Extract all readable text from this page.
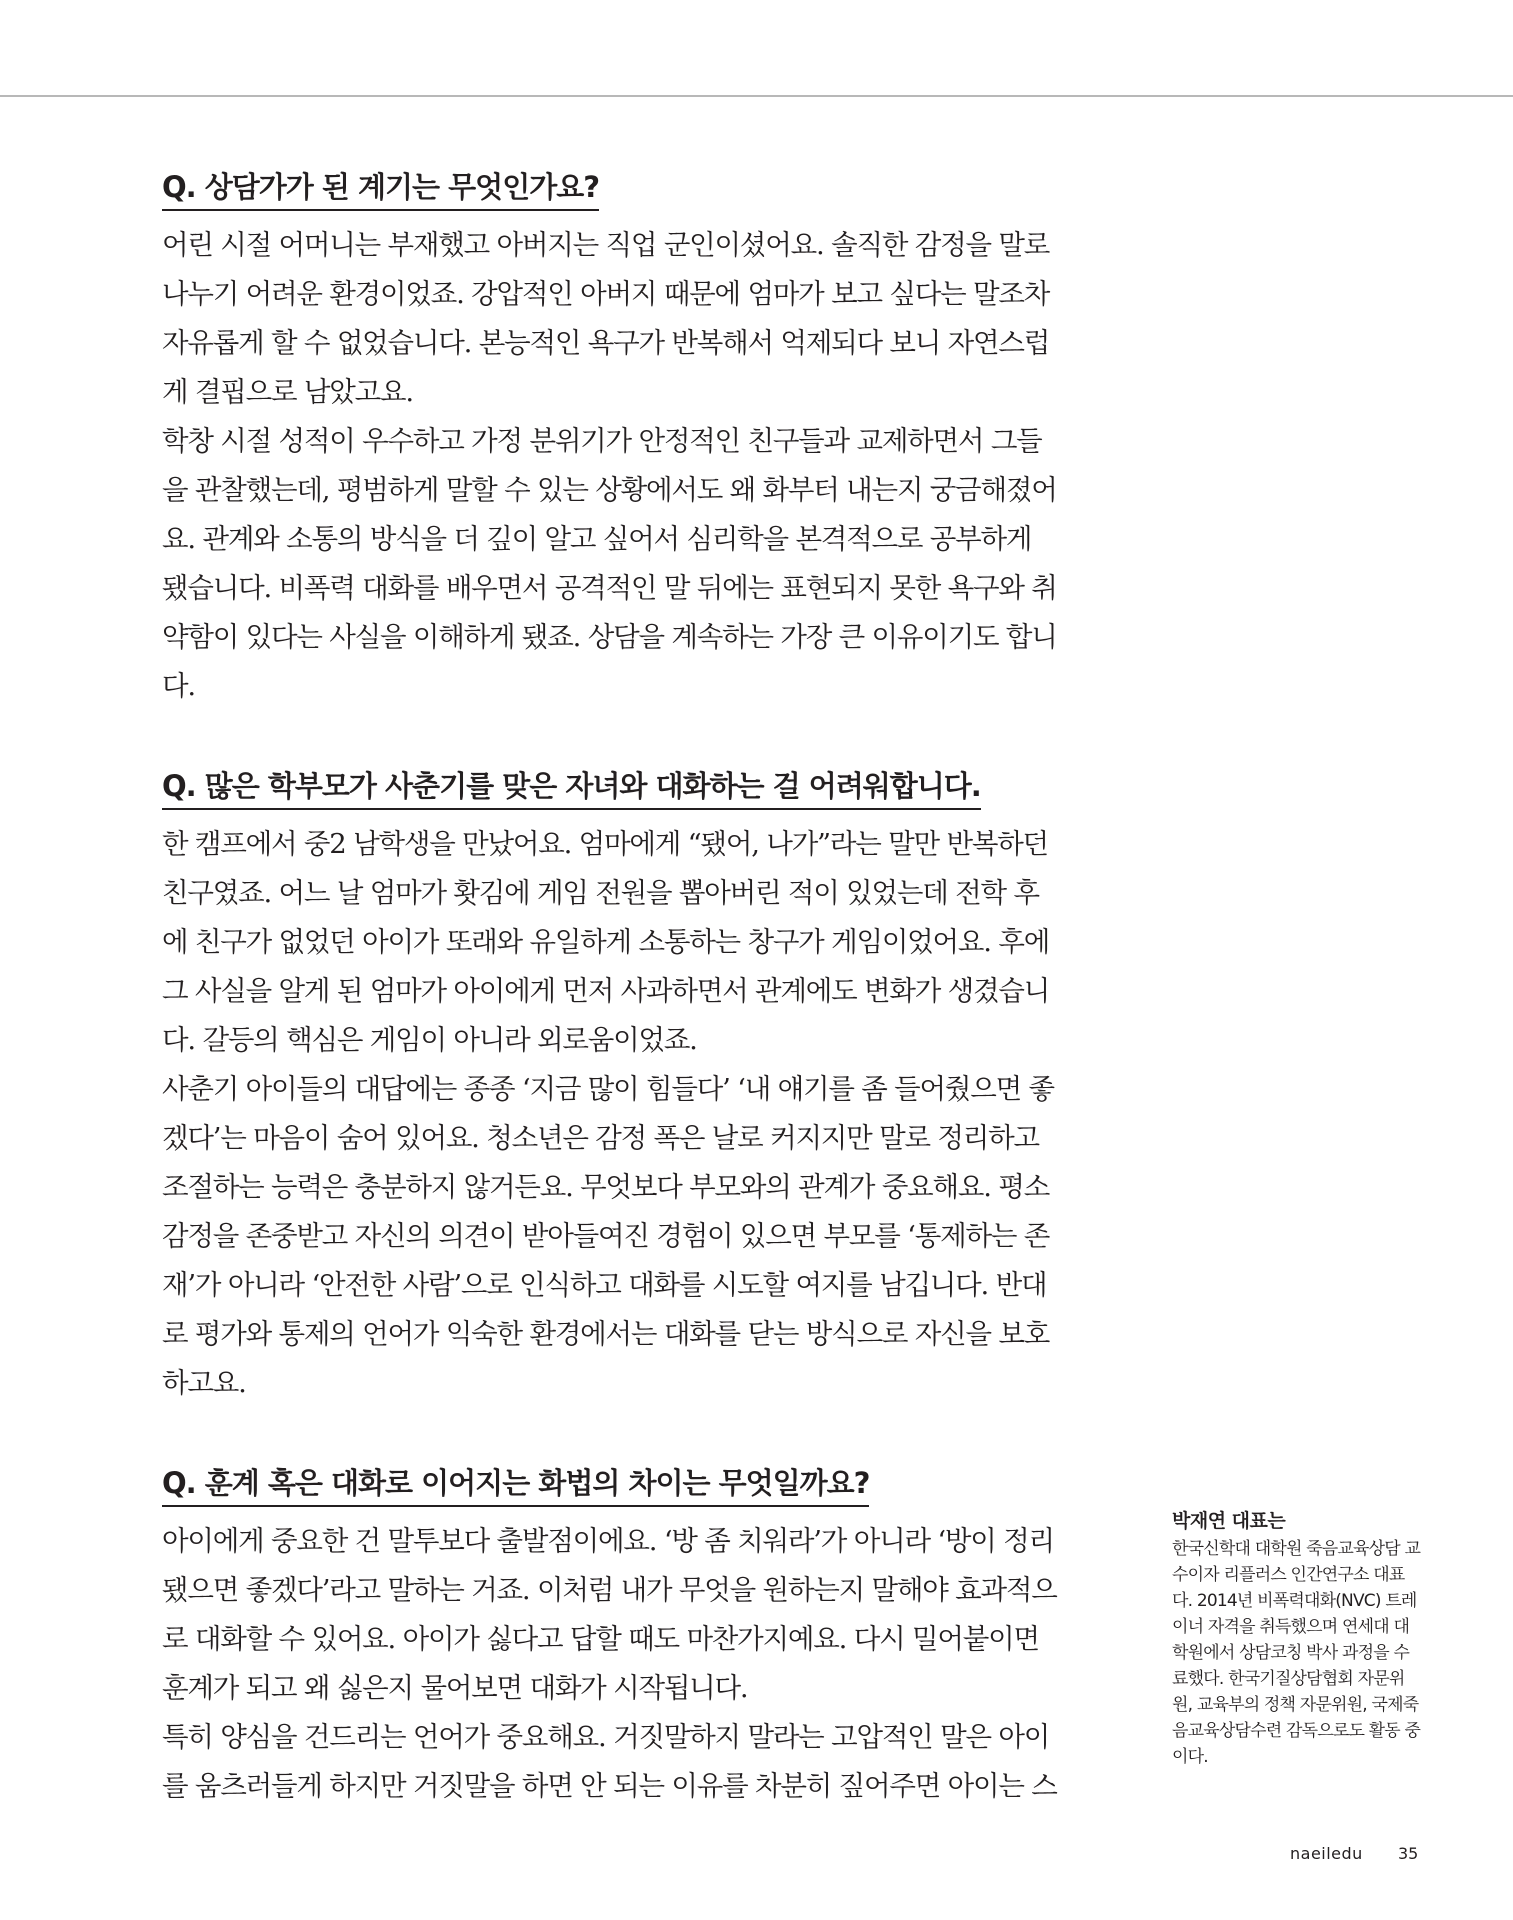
Q. 상담가가 된 계기는 무엇인가요?

어린 시절 어머니는 부재했고 아버지는 직업 군인이셨어요. 솔직한 감정을 말로 나누기 어려운 환경이었죠. 강압적인 아버지 때문에 엄마가 보고 싶다는 말조차 자유롭게 할 수 없었습니다. 본능적인 욕구가 반복해서 억제되다 보니 자연스럽게 결핍으로 남았고요.

학창 시절 성적이 우수하고 가정 분위기가 안정적인 친구들과 교제하면서 그들을 관찰했는데, 평범하게 말할 수 있는 상황에서도 왜 화부터 내는지 궁금해졌어요. 관계와 소통의 방식을 더 깊이 알고 싶어서 심리학을 본격적으로 공부하게 됐습니다. 비폭력 대화를 배우면서 공격적인 말 뒤에는 표현되지 못한 욕구와 취약함이 있다는 사실을 이해하게 됐죠. 상담을 계속하는 가장 큰 이유이기도 합니다.

Q. 많은 학부모가 사춘기를 맞은 자녀와 대화하는 걸 어려워합니다.

한 캠프에서 중2 남학생을 만났어요. 엄마에게 “됐어, 나가”라는 말만 반복하던 친구였죠. 어느 날 엄마가 홧김에 게임 전원을 뽑아버린 적이 있었는데 전학 후에 친구가 없었던 아이가 또래와 유일하게 소통하는 창구가 게임이었어요. 후에 그 사실을 알게 된 엄마가 아이에게 먼저 사과하면서 관계에도 변화가 생겼습니다. 갈등의 핵심은 게임이 아니라 외로움이었죠.

사춘기 아이들의 대답에는 종종 ‘지금 많이 힘들다’ ‘내 얘기를 좀 들어줬으면 좋겠다’는 마음이 숨어 있어요. 청소년은 감정 폭은 날로 커지지만 말로 정리하고 조절하는 능력은 충분하지 않거든요. 무엇보다 부모와의 관계가 중요해요. 평소 감정을 존중받고 자신의 의견이 받아들여진 경험이 있으면 부모를 ‘통제하는 존재’가 아니라 ‘안전한 사람’으로 인식하고 대화를 시도할 여지를 남깁니다. 반대로 평가와 통제의 언어가 익숙한 환경에서는 대화를 닫는 방식으로 자신을 보호하고요.

Q. 훈계 혹은 대화로 이어지는 화법의 차이는 무엇일까요?

아이에게 중요한 건 말투보다 출발점이에요. ‘방 좀 치워라’가 아니라 ‘방이 정리됐으면 좋겠다’라고 말하는 거죠. 이처럼 내가 무엇을 원하는지 말해야 효과적으로 대화할 수 있어요. 아이가 싫다고 답할 때도 마찬가지예요. 다시 밀어붙이면 훈계가 되고 왜 싫은지 물어보면 대화가 시작됩니다.

특히 양심을 건드리는 언어가 중요해요. 거짓말하지 말라는 고압적인 말은 아이를 움츠러들게 하지만 거짓말을 하면 안 되는 이유를 차분히 짚어주면 아이는 스

박재연 대표는

한국신학대 대학원 죽음교육상담 교수이자 리플러스 인간연구소 대표다. 2014년 비폭력대화(NVC) 트레이너 자격을 취득했으며 연세대 대학원에서 상담코칭 박사 과정을 수료했다. 한국기질상담협회 자문위원, 교육부의 정책 자문위원, 국제죽음교육상담수련 감독으로도 활동 중이다.

naeiledu 35
